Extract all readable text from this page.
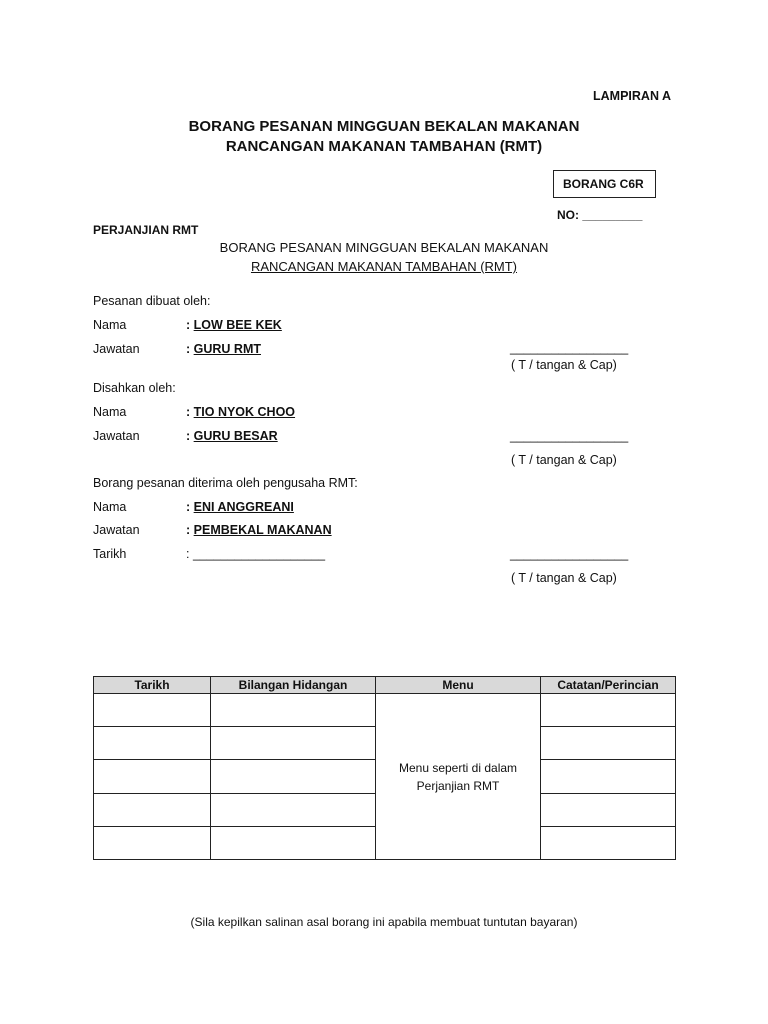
LAMPIRAN A
BORANG PESANAN MINGGUAN BEKALAN MAKANAN
RANCANGAN MAKANAN TAMBAHAN (RMT)
BORANG C6R
NO: _________
PERJANJIAN RMT
BORANG PESANAN MINGGUAN BEKALAN MAKANAN
RANCANGAN MAKANAN TAMBAHAN (RMT)
Pesanan dibuat oleh:
Nama	: LOW BEE KEK
Jawatan	: GURU RMT	_________________
( T / tangan & Cap)
Disahkan oleh:
Nama	: TIO NYOK CHOO
Jawatan	: GURU BESAR	_________________
( T / tangan & Cap)
Borang pesanan diterima oleh pengusaha RMT:
Nama	: ENI ANGGREANI
Jawatan	: PEMBEKAL MAKANAN
Tarikh	: ___________________	_________________
( T / tangan & Cap)
Tarikh	Bilangan Hidangan	Menu	Catatan/Perincian

		Menu seperti di dalam
Perjanjian RMT	

(Sila kepilkan salinan asal borang ini apabila membuat tuntutan bayaran)
